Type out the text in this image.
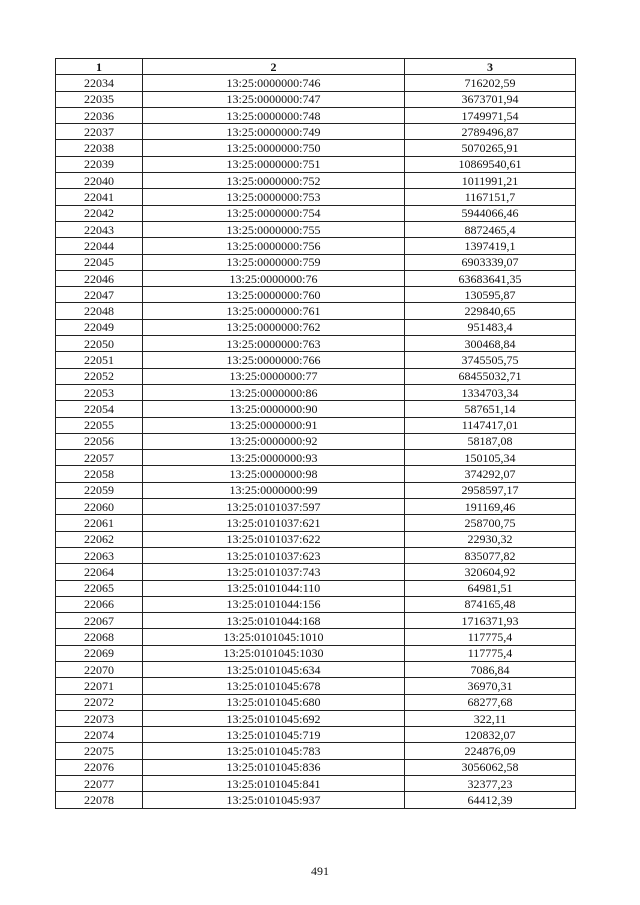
1	2	3
22034	13:25:0000000:746	716202,59
22035	13:25:0000000:747	3673701,94
22036	13:25:0000000:748	1749971,54
22037	13:25:0000000:749	2789496,87
22038	13:25:0000000:750	5070265,91
22039	13:25:0000000:751	10869540,61
22040	13:25:0000000:752	1011991,21
22041	13:25:0000000:753	1167151,7
22042	13:25:0000000:754	5944066,46
22043	13:25:0000000:755	8872465,4
22044	13:25:0000000:756	1397419,1
22045	13:25:0000000:759	6903339,07
22046	13:25:0000000:76	63683641,35
22047	13:25:0000000:760	130595,87
22048	13:25:0000000:761	229840,65
22049	13:25:0000000:762	951483,4
22050	13:25:0000000:763	300468,84
22051	13:25:0000000:766	3745505,75
22052	13:25:0000000:77	68455032,71
22053	13:25:0000000:86	1334703,34
22054	13:25:0000000:90	587651,14
22055	13:25:0000000:91	1147417,01
22056	13:25:0000000:92	58187,08
22057	13:25:0000000:93	150105,34
22058	13:25:0000000:98	374292,07
22059	13:25:0000000:99	2958597,17
22060	13:25:0101037:597	191169,46
22061	13:25:0101037:621	258700,75
22062	13:25:0101037:622	22930,32
22063	13:25:0101037:623	835077,82
22064	13:25:0101037:743	320604,92
22065	13:25:0101044:110	64981,51
22066	13:25:0101044:156	874165,48
22067	13:25:0101044:168	1716371,93
22068	13:25:0101045:1010	117775,4
22069	13:25:0101045:1030	117775,4
22070	13:25:0101045:634	7086,84
22071	13:25:0101045:678	36970,31
22072	13:25:0101045:680	68277,68
22073	13:25:0101045:692	322,11
22074	13:25:0101045:719	120832,07
22075	13:25:0101045:783	224876,09
22076	13:25:0101045:836	3056062,58
22077	13:25:0101045:841	32377,23
22078	13:25:0101045:937	64412,39
491
